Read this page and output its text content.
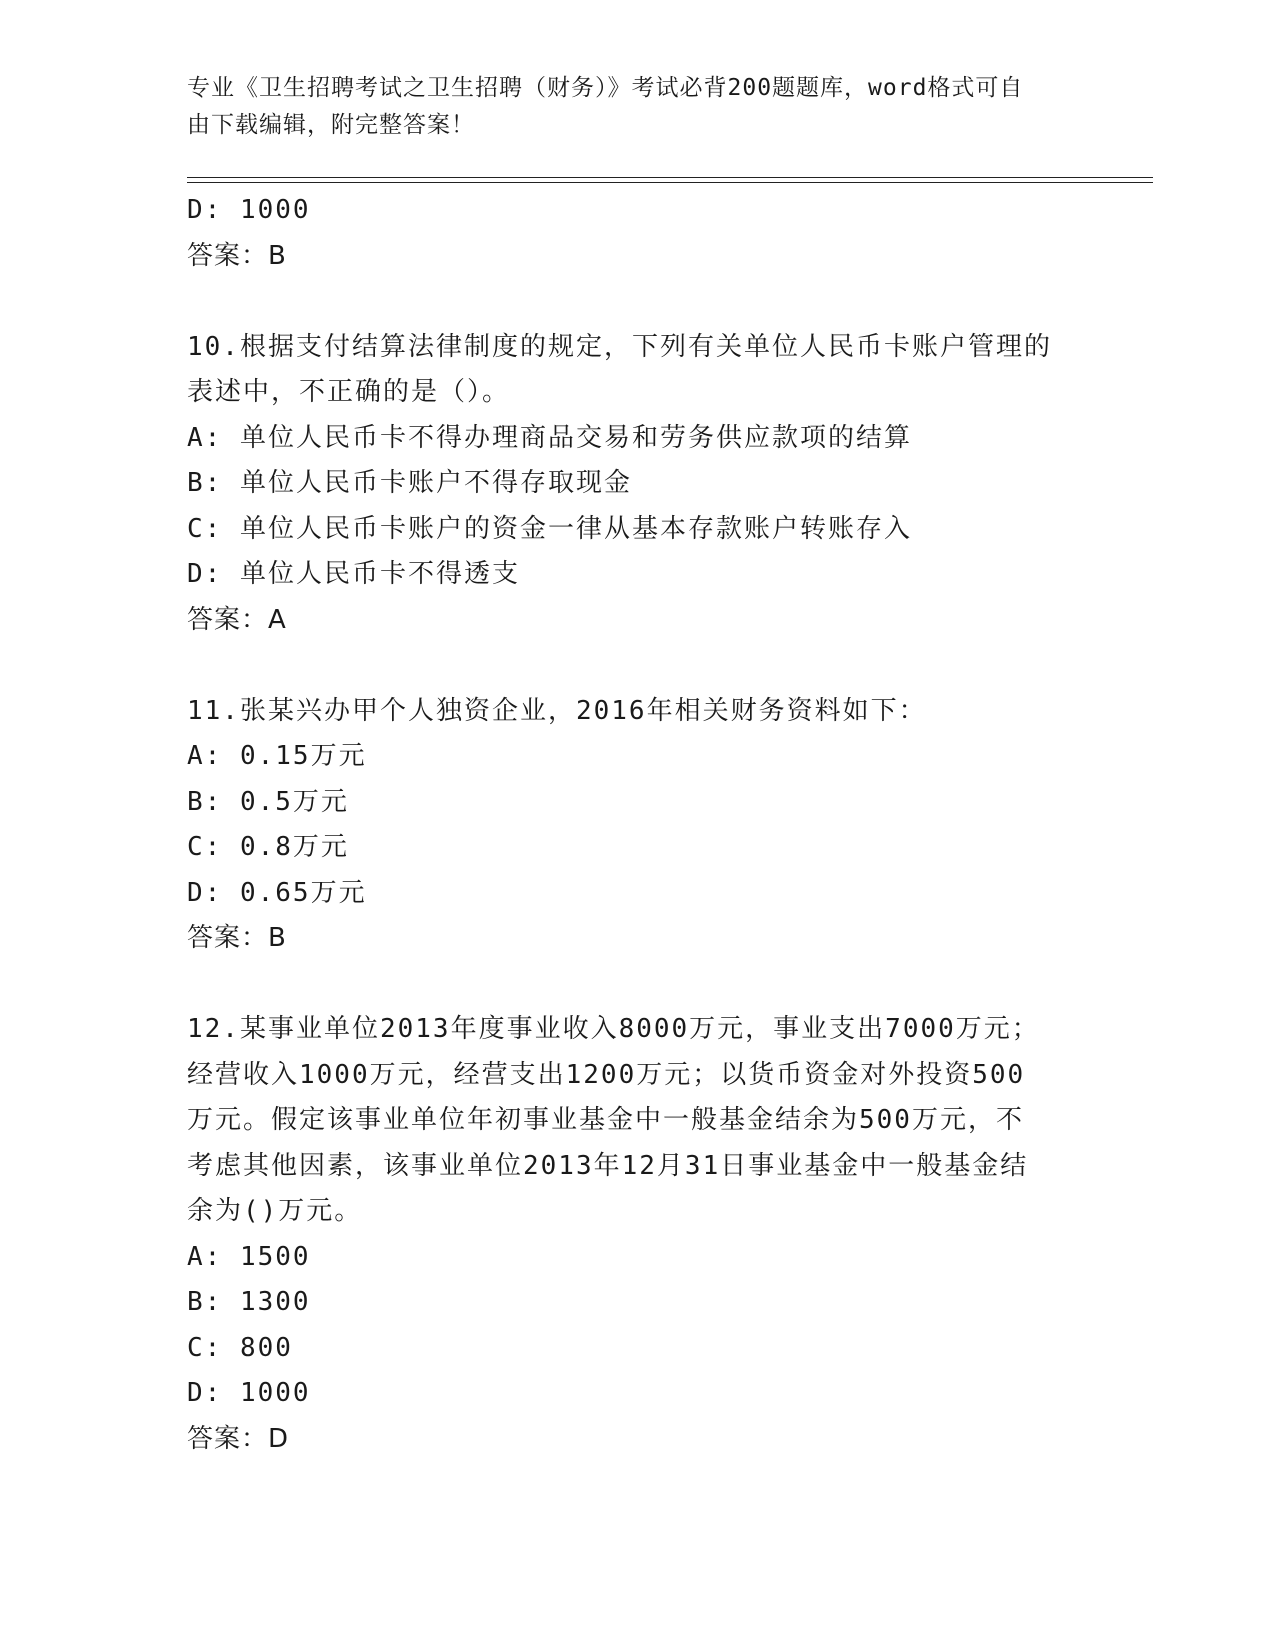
专业《卫生招聘考试之卫生招聘（财务）》考试必背200题题库，word格式可自
由下载编辑，附完整答案！
D: 1000
答案：B
10.根据支付结算法律制度的规定，下列有关单位人民币卡账户管理的
表述中，不正确的是（）。
A: 单位人民币卡不得办理商品交易和劳务供应款项的结算
B: 单位人民币卡账户不得存取现金
C: 单位人民币卡账户的资金一律从基本存款账户转账存入
D: 单位人民币卡不得透支
答案：A
11.张某兴办甲个人独资企业，2016年相关财务资料如下：
A: 0.15万元
B: 0.5万元
C: 0.8万元
D: 0.65万元
答案：B
12.某事业单位2013年度事业收入8000万元，事业支出7000万元；
经营收入1000万元，经营支出1200万元；以货币资金对外投资500
万元。假定该事业单位年初事业基金中一般基金结余为500万元，不
考虑其他因素，该事业单位2013年12月31日事业基金中一般基金结
余为()万元。
A: 1500
B: 1300
C: 800
D: 1000
答案：D
